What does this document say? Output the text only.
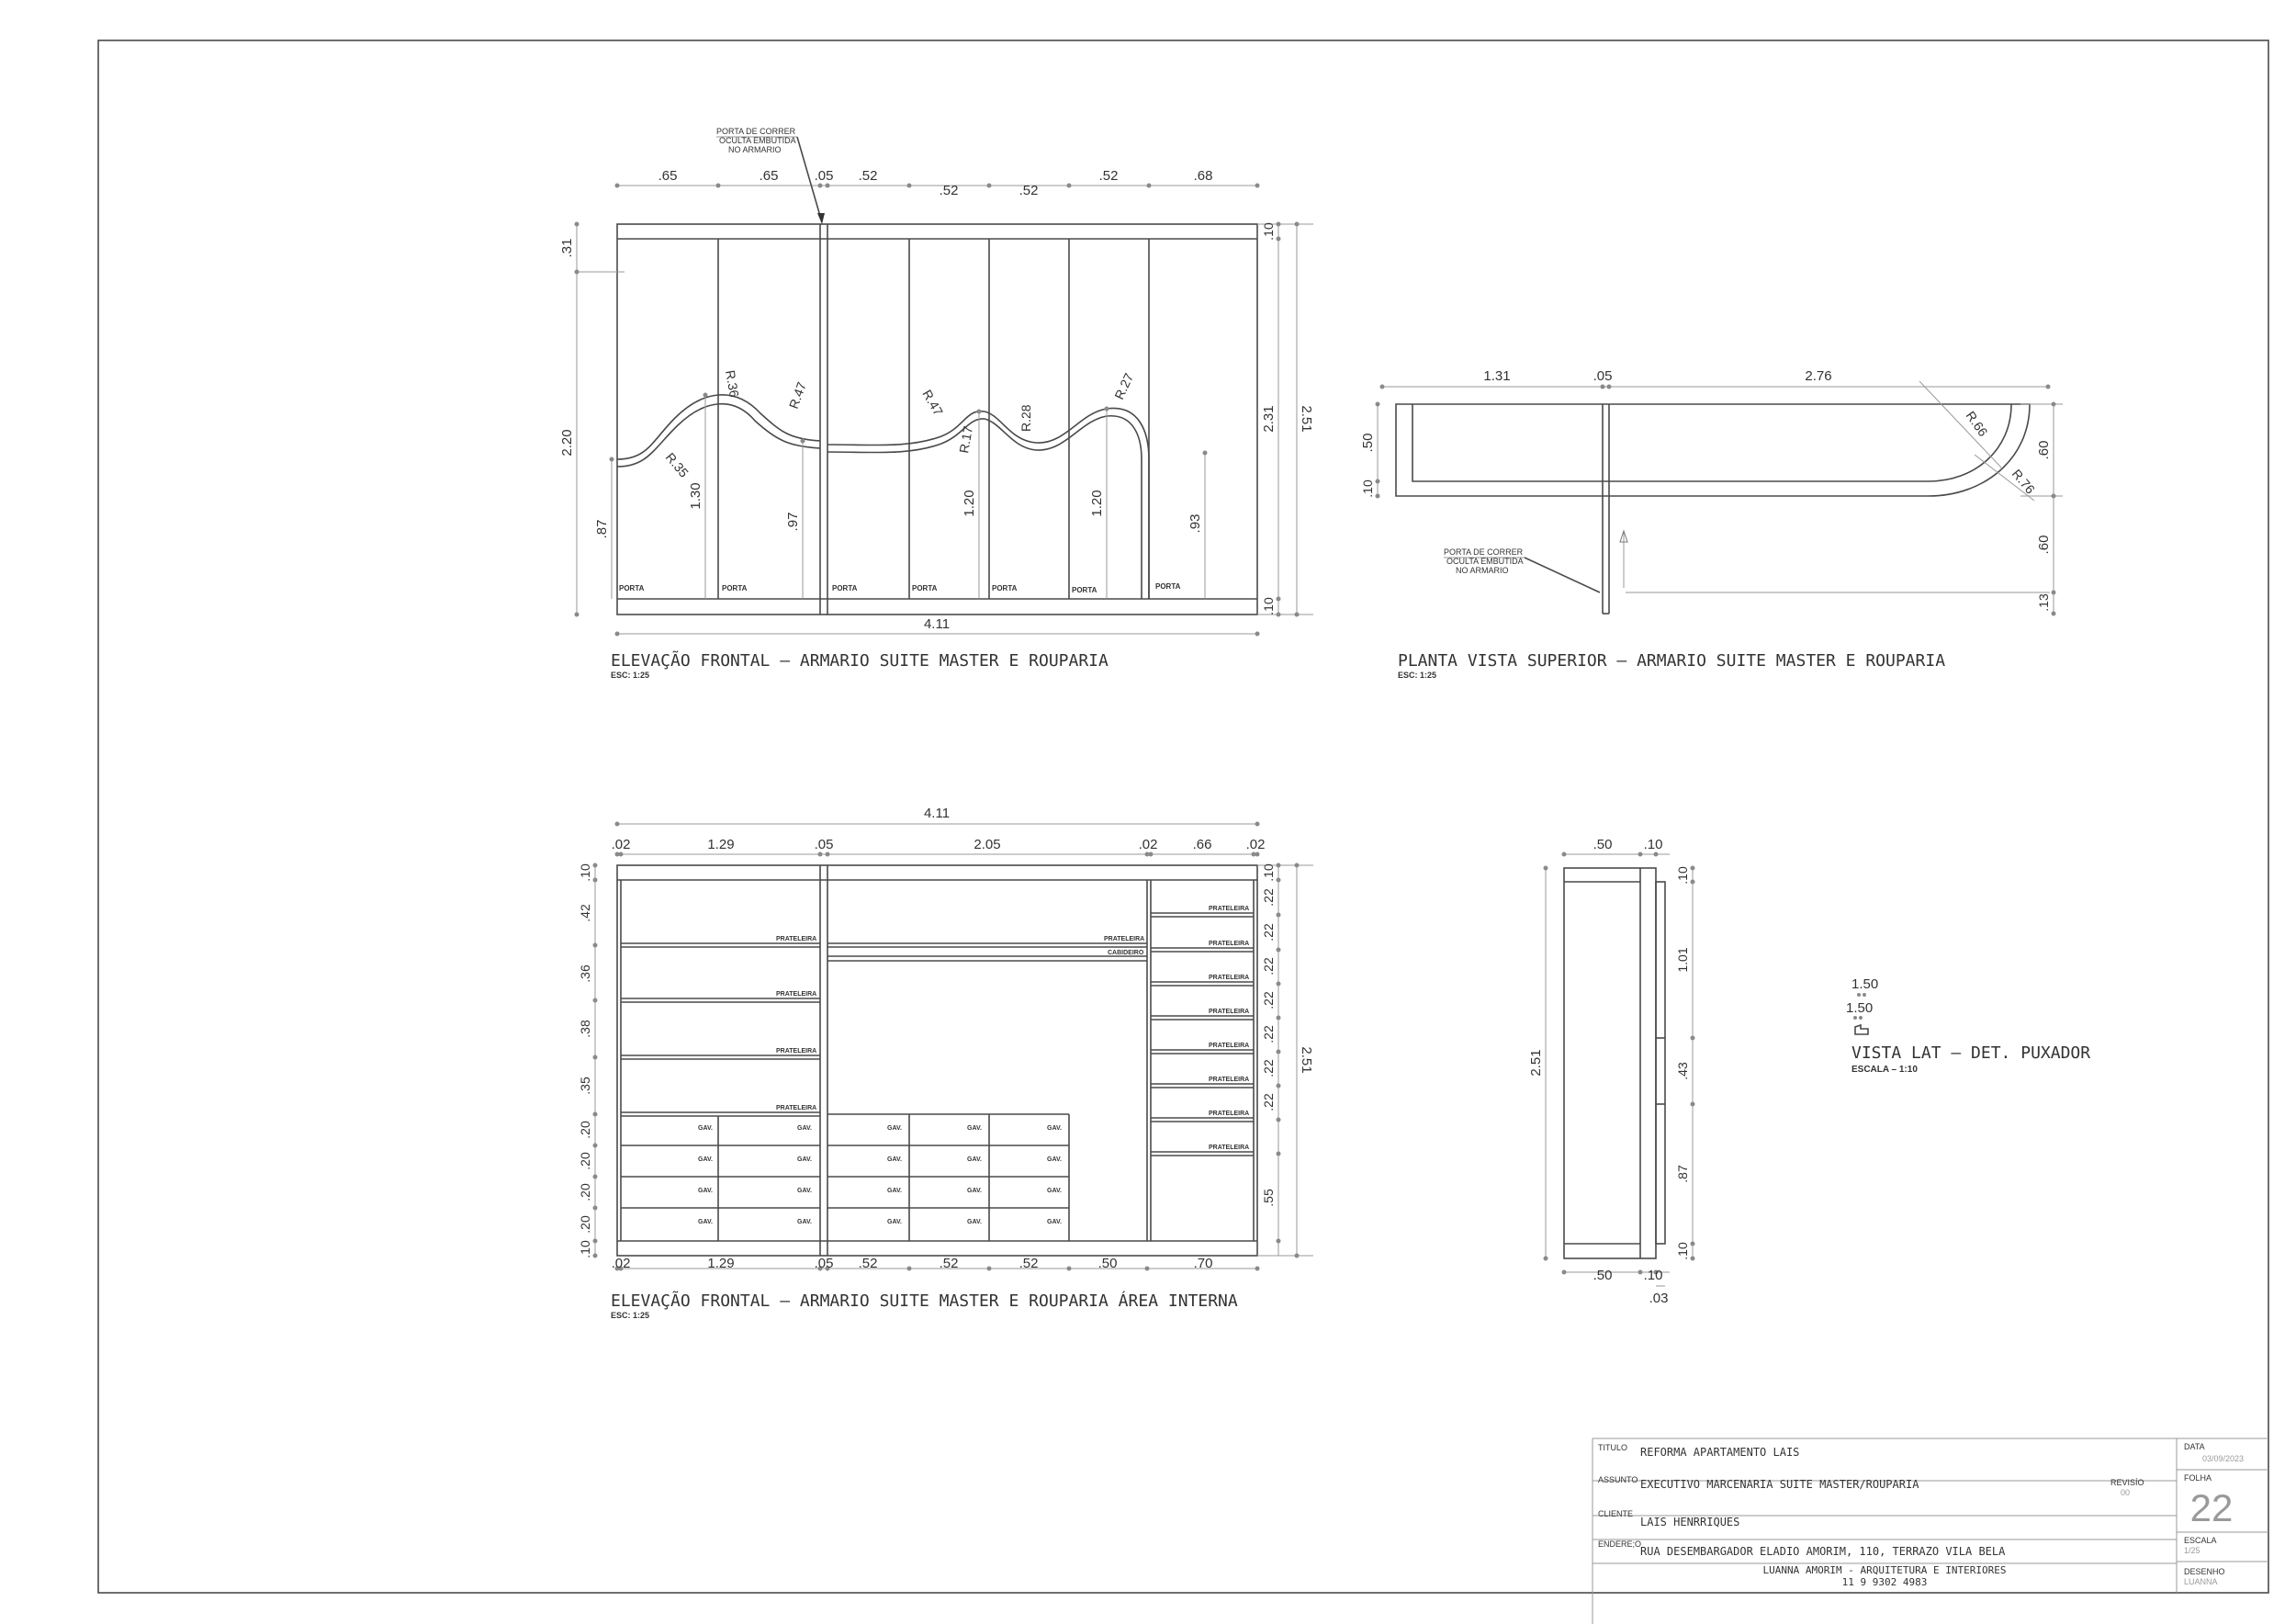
.65	.65	.05 .52
.52	.52
.52	.68
PORTA DE CORRER
OCULTA EMBUTIDA
NO ARMARIO
4.11
.31
2.20
.87
.10
2.31 2.51
.10
1.30
.97
1.20	1.20
.93
R.36	R.47
R.35
R.47
R.17
R.28
R.27
PORTA	PORTA	PORTA	PORTA	PORTA	PORTA	PORTA
ELEVAÇÃO FRONTAL – ARMARIO SUITE MASTER E ROUPARIA
ESC: 1:25
1.31	.05	2.76
.50
.10
.60
.60
.13
R.66
R.76
PORTA DE CORRER
OCULTA EMBUTIDA
NO ARMARIO
PLANTA VISTA SUPERIOR – ARMARIO SUITE MASTER E ROUPARIA
ESC: 1:25
PRATELEIRA
PRATELEIRA
PRATELEIRA
PRATELEIRA
PRATELEIRA
CABIDEIRO
PRATELEIRA
PRATELEIRA
PRATELEIRA
PRATELEIRA
PRATELEIRA
PRATELEIRA
PRATELEIRA
PRATELEIRA
GAV.	GAV.	GAV.	GAV.	GAV.
GAV.	GAV.	GAV.	GAV.	GAV.
GAV.	GAV.	GAV.	GAV.	GAV.
GAV.	GAV.	GAV.	GAV.	GAV.
4.11
.02	1.29	.05	2.05	.02	.66 .02
.02	1.29	.05 .52	.52	.52	.50	.70
.10
.42
.36
.38
.35
.20
.20
.20
.20
.10
.10
.22
.22
.22
.22
.22
.22
.22
.55
2.51
ELEVAÇÃO FRONTAL – ARMARIO SUITE MASTER E ROUPARIA ÁREA INTERNA
ESC: 1:25
.50 .10
.50 .10
.03
2.51
.10
1.01
.43
.87
.10
1.50
1.50
VISTA LAT – DET. PUXADOR
ESCALA – 1:10
TITULO REFORMA APARTAMENTO LAIS
ASSUNTO EXECUTIVO MARCENARIA SUITE MASTER/ROUPARIA	REVISÍO
00
CLIENTE
LAIS HENRRIQUES
ENDERE;O
RUA DESEMBARGADOR ELADIO AMORIM, 110, TERRAZO VILA BELA
LUANNA AMORIM - ARQUITETURA E INTERIORES
11 9 9302 4983
DATA
03/09/2023
FOLHA
22
ESCALA
1/25
DESENHO
LUANNA
